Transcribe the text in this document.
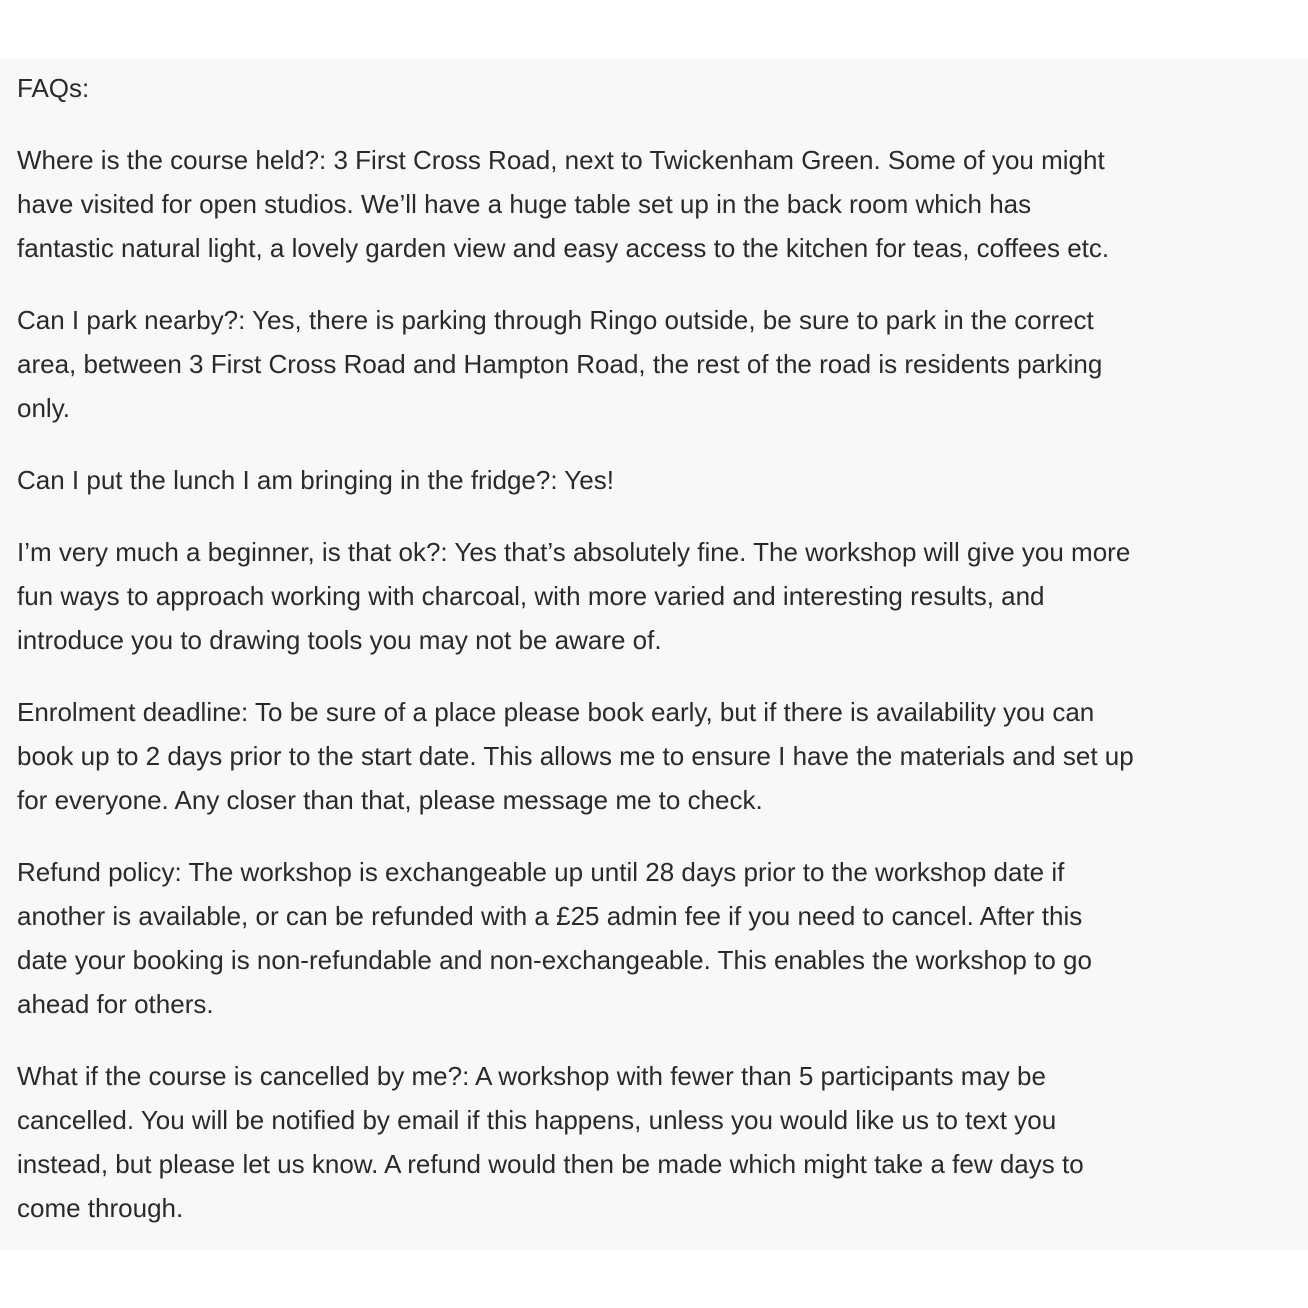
FAQs:

Where is the course held?: 3 First Cross Road, next to Twickenham Green. Some of you might
have visited for open studios. We’ll have a huge table set up in the back room which has
fantastic natural light, a lovely garden view and easy access to the kitchen for teas, coffees etc.

Can I park nearby?: Yes, there is parking through Ringo outside, be sure to park in the correct
area, between 3 First Cross Road and Hampton Road, the rest of the road is residents parking
only.

Can I put the lunch I am bringing in the fridge?: Yes!

I’m very much a beginner, is that ok?: Yes that’s absolutely fine. The workshop will give you more
fun ways to approach working with charcoal, with more varied and interesting results, and
introduce you to drawing tools you may not be aware of.

Enrolment deadline: To be sure of a place please book early, but if there is availability you can
book up to 2 days prior to the start date. This allows me to ensure I have the materials and set up
for everyone. Any closer than that, please message me to check.

Refund policy: The workshop is exchangeable up until 28 days prior to the workshop date if
another is available, or can be refunded with a £25 admin fee if you need to cancel. After this
date your booking is non-refundable and non-exchangeable. This enables the workshop to go
ahead for others.

What if the course is cancelled by me?: A workshop with fewer than 5 participants may be
cancelled. You will be notified by email if this happens, unless you would like us to text you
instead, but please let us know. A refund would then be made which might take a few days to
come through.
